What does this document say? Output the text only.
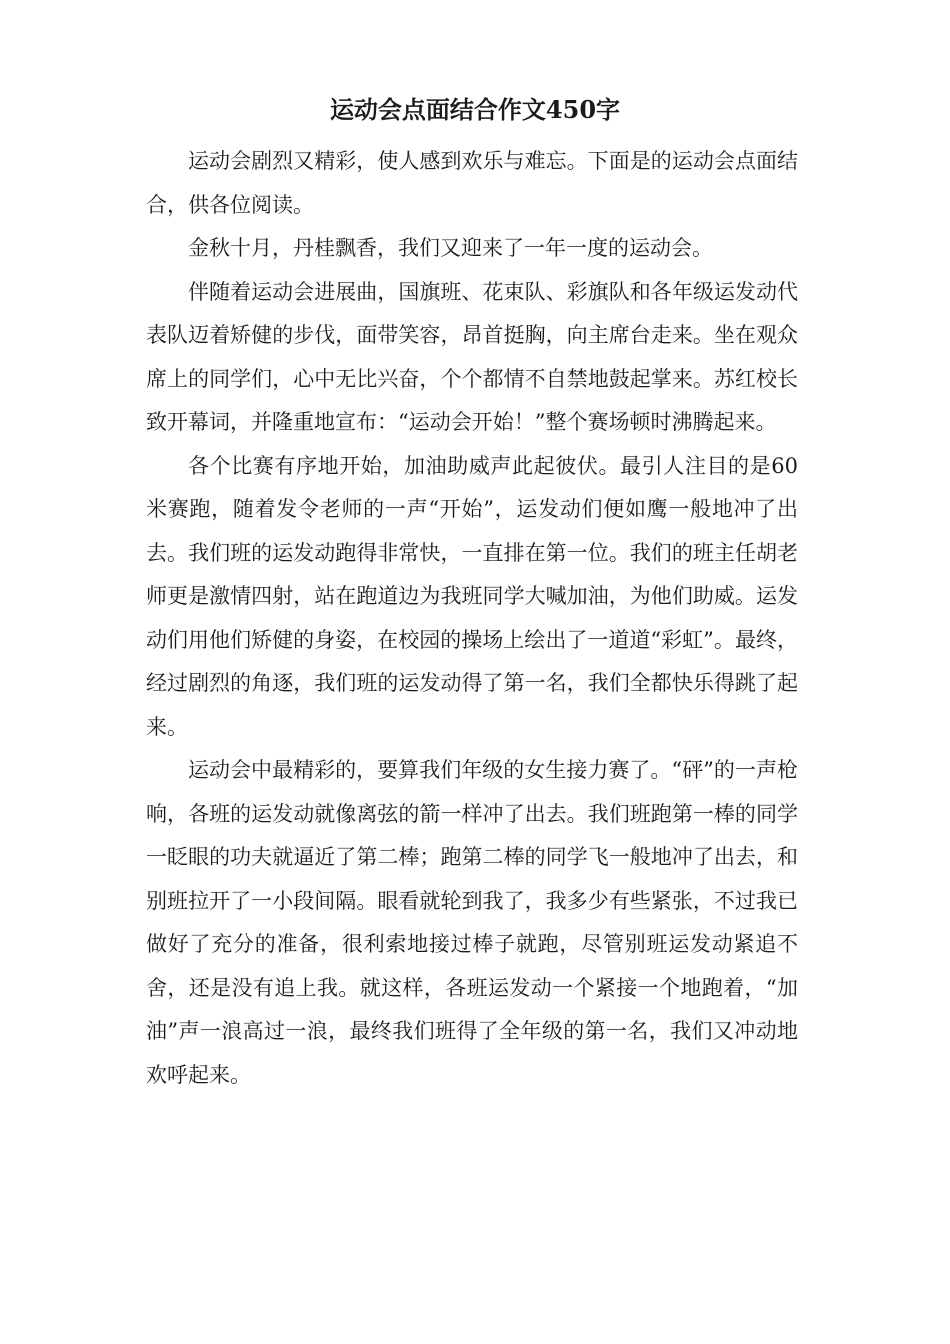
运动会点面结合作文450字

运动会剧烈又精彩，使人感到欢乐与难忘。下面是的运动会点面结合，供各位阅读。

金秋十月，丹桂飘香，我们又迎来了一年一度的运动会。

伴随着运动会进展曲，国旗班、花束队、彩旗队和各年级运发动代表队迈着矫健的步伐，面带笑容，昂首挺胸，向主席台走来。坐在观众席上的同学们，心中无比兴奋，个个都情不自禁地鼓起掌来。苏红校长致开幕词，并隆重地宣布：“运动会开始！”整个赛场顿时沸腾起来。

各个比赛有序地开始，加油助威声此起彼伏。最引人注目的是60米赛跑，随着发令老师的一声“开始”，运发动们便如鹰一般地冲了出去。我们班的运发动跑得非常快，一直排在第一位。我们的班主任胡老师更是激情四射，站在跑道边为我班同学大喊加油，为他们助威。运发动们用他们矫健的身姿，在校园的操场上绘出了一道道“彩虹”。最终，经过剧烈的角逐，我们班的运发动得了第一名，我们全都快乐得跳了起来。

运动会中最精彩的，要算我们年级的女生接力赛了。“砰”的一声枪响，各班的运发动就像离弦的箭一样冲了出去。我们班跑第一棒的同学一眨眼的功夫就逼近了第二棒；跑第二棒的同学飞一般地冲了出去，和别班拉开了一小段间隔。眼看就轮到我了，我多少有些紧张，不过我已做好了充分的准备，很利索地接过棒子就跑，尽管别班运发动紧追不舍，还是没有追上我。就这样，各班运发动一个紧接一个地跑着，“加油”声一浪高过一浪，最终我们班得了全年级的第一名，我们又冲动地欢呼起来。
